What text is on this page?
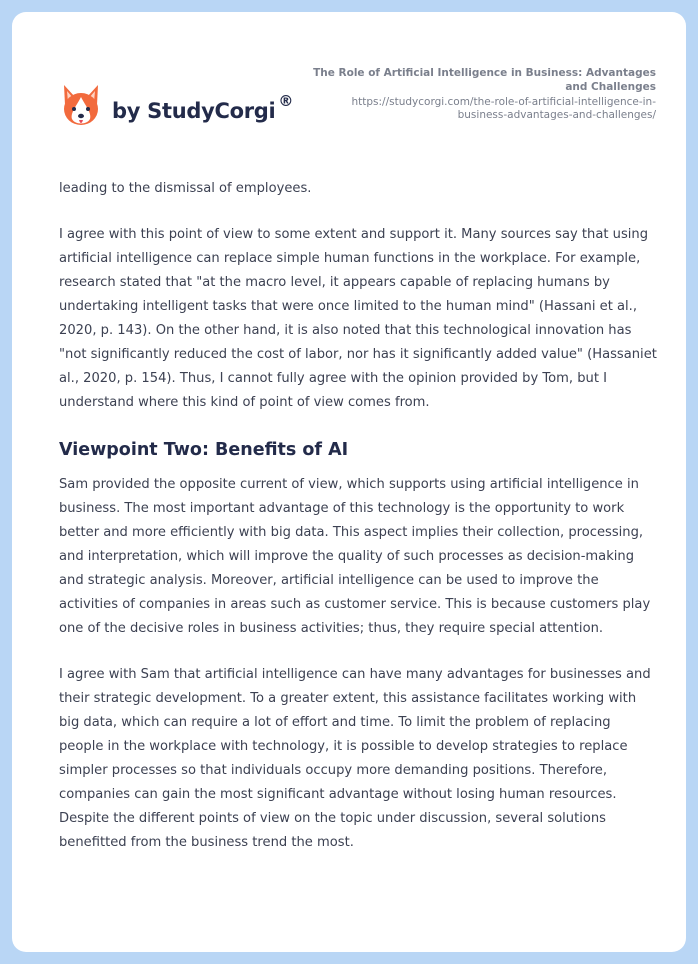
by StudyCorgi ®
The Role of Artificial Intelligence in Business: Advantages and Challenges
https://studycorgi.com/the-role-of-artificial-intelligence-in-business-advantages-and-challenges/

leading to the dismissal of employees.

I agree with this point of view to some extent and support it. Many sources say that using artificial intelligence can replace simple human functions in the workplace. For example, research stated that "at the macro level, it appears capable of replacing humans by undertaking intelligent tasks that were once limited to the human mind" (Hassani et al., 2020, p. 143). On the other hand, it is also noted that this technological innovation has "not significantly reduced the cost of labor, nor has it significantly added value" (Hassaniet al., 2020, p. 154). Thus, I cannot fully agree with the opinion provided by Tom, but I understand where this kind of point of view comes from.

Viewpoint Two: Benefits of AI

Sam provided the opposite current of view, which supports using artificial intelligence in business. The most important advantage of this technology is the opportunity to work better and more efficiently with big data. This aspect implies their collection, processing, and interpretation, which will improve the quality of such processes as decision-making and strategic analysis. Moreover, artificial intelligence can be used to improve the activities of companies in areas such as customer service. This is because customers play one of the decisive roles in business activities; thus, they require special attention.

I agree with Sam that artificial intelligence can have many advantages for businesses and their strategic development. To a greater extent, this assistance facilitates working with big data, which can require a lot of effort and time. To limit the problem of replacing people in the workplace with technology, it is possible to develop strategies to replace simpler processes so that individuals occupy more demanding positions. Therefore, companies can gain the most significant advantage without losing human resources. Despite the different points of view on the topic under discussion, several solutions benefitted from the business trend the most.
